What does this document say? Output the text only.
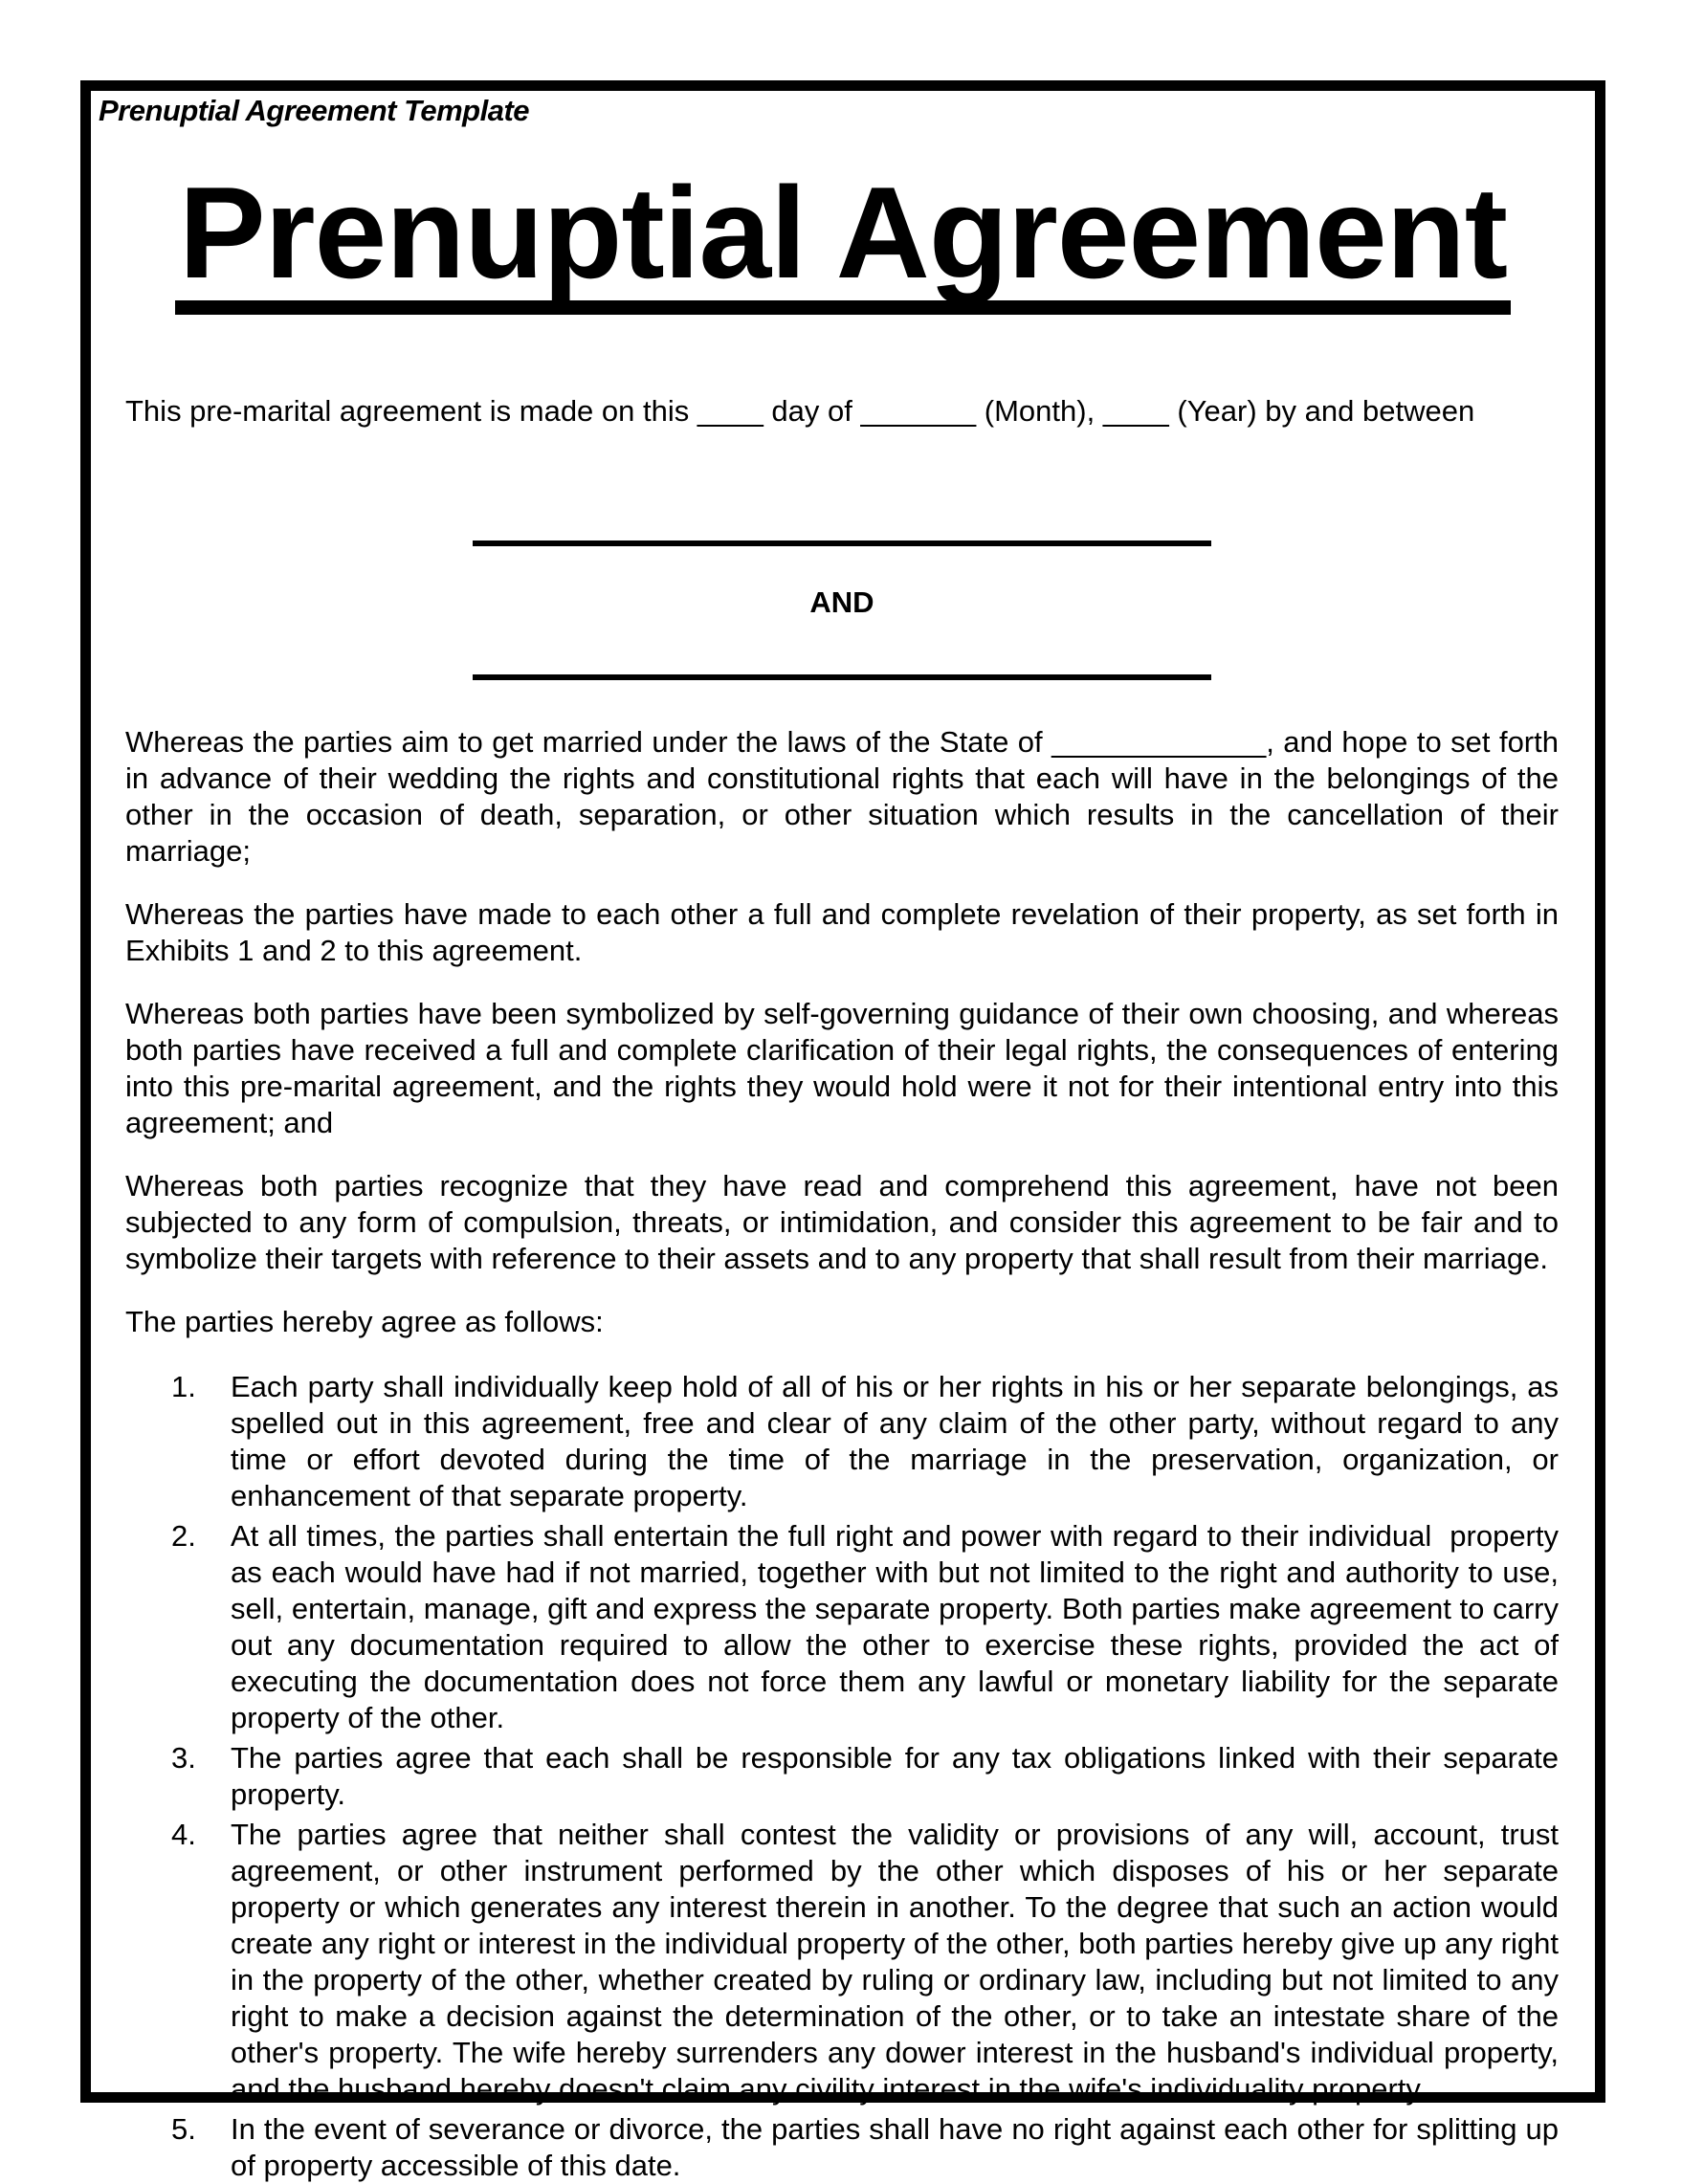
Prenuptial Agreement Template
Prenuptial Agreement

This pre-marital agreement is made on this ____ day of _______ (Month), ____ (Year) by and between

AND

Whereas the parties aim to get married under the laws of the State of _____________, and hope to set forth in advance of their wedding the rights and constitutional rights that each will have in the belongings of the other in the occasion of death, separation, or other situation which results in the cancellation of their marriage;

Whereas the parties have made to each other a full and complete revelation of their property, as set forth in Exhibits 1 and 2 to this agreement.

Whereas both parties have been symbolized by self-governing guidance of their own choosing, and whereas both parties have received a full and complete clarification of their legal rights, the consequences of entering into this pre-marital agreement, and the rights they would hold were it not for their intentional entry into this agreement; and

Whereas both parties recognize that they have read and comprehend this agreement, have not been subjected to any form of compulsion, threats, or intimidation, and consider this agreement to be fair and to symbolize their targets with reference to their assets and to any property that shall result from their marriage.

The parties hereby agree as follows:

1. Each party shall individually keep hold of all of his or her rights in his or her separate belongings, as spelled out in this agreement, free and clear of any claim of the other party, without regard to any time or effort devoted during the time of the marriage in the preservation, organization, or enhancement of that separate property.
2. At all times, the parties shall entertain the full right and power with regard to their individual  property as each would have had if not married, together with but not limited to the right and authority to use, sell, entertain, manage, gift and express the separate property. Both parties make agreement to carry out any documentation required to allow the other to exercise these rights, provided the act of executing the documentation does not force them any lawful or monetary liability for the separate property of the other.
3. The parties agree that each shall be responsible for any tax obligations linked with their separate property.
4. The parties agree that neither shall contest the validity or provisions of any will, account, trust agreement, or other instrument performed by the other which disposes of his or her separate property or which generates any interest therein in another. To the degree that such an action would create any right or interest in the individual property of the other, both parties hereby give up any right in the property of the other, whether created by ruling or ordinary law, including but not limited to any right to make a decision against the determination of the other, or to take an intestate share of the other's property. The wife hereby surrenders any dower interest in the husband's individual property, and the husband hereby doesn't claim any civility interest in the wife's individuality property.
5. In the event of severance or divorce, the parties shall have no right against each other for splitting up of property accessible of this date.
